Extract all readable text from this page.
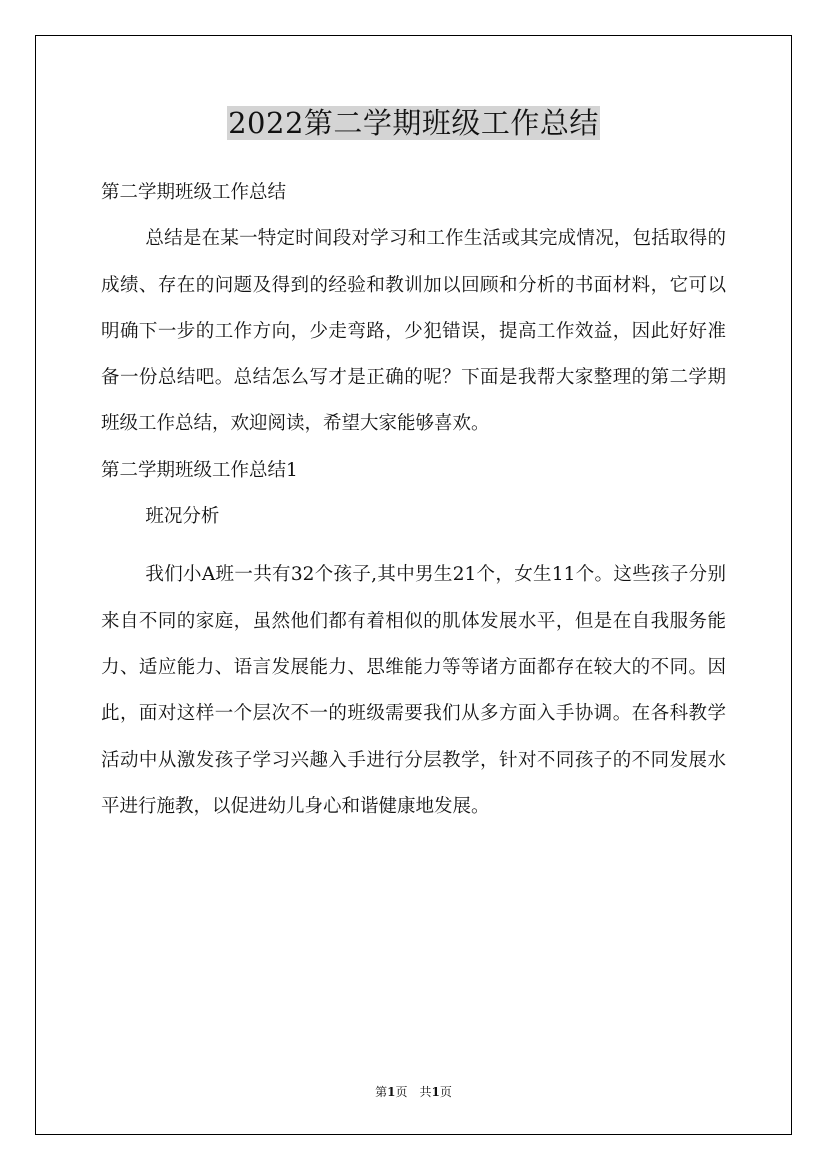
2022第二学期班级工作总结

第二学期班级工作总结

总结是在某一特定时间段对学习和工作生活或其完成情况，包括取得的成绩、存在的问题及得到的经验和教训加以回顾和分析的书面材料，它可以明确下一步的工作方向，少走弯路，少犯错误，提高工作效益，因此好好准备一份总结吧。总结怎么写才是正确的呢？下面是我帮大家整理的第二学期班级工作总结，欢迎阅读，希望大家能够喜欢。

第二学期班级工作总结1

班况分析

我们小A班一共有32个孩子,其中男生21个，女生11个。这些孩子分别来自不同的家庭，虽然他们都有着相似的肌体发展水平，但是在自我服务能力、适应能力、语言发展能力、思维能力等等诸方面都存在较大的不同。因此，面对这样一个层次不一的班级需要我们从多方面入手协调。在各科教学活动中从激发孩子学习兴趣入手进行分层教学，针对不同孩子的不同发展水平进行施教，以促进幼儿身心和谐健康地发展。

第1页　共1页
